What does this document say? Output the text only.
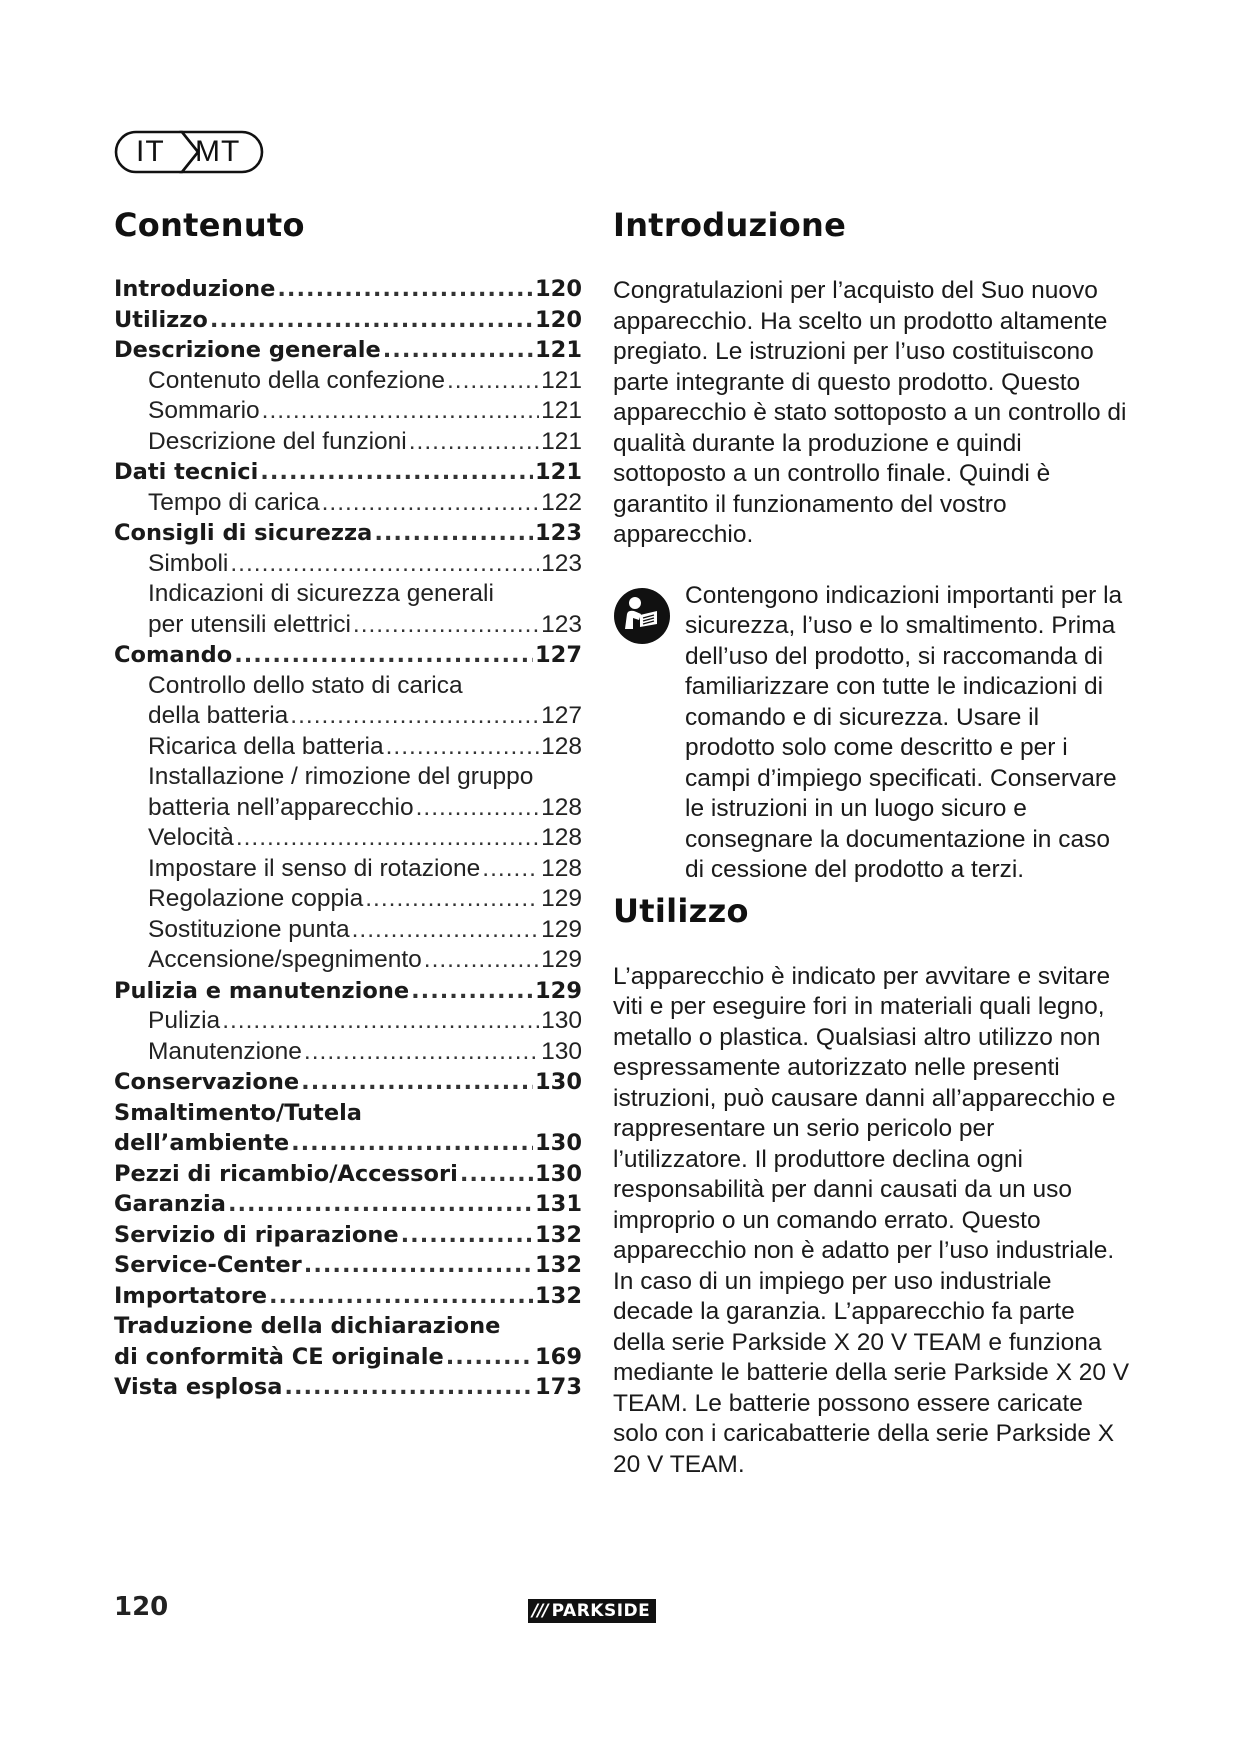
IT MT
Contenuto
Introduzione .....	120
Utilizzo .....	120
Descrizione generale .....	121
Contenuto della confezione .....	121
Sommario .....	121
Descrizione del funzioni .....	121
Dati tecnici .....	121
Tempo di carica .....	122
Consigli di sicurezza .....	123
Simboli .....	123
Indicazioni di sicurezza generali
per utensili elettrici .....	123
Comando .....	127
Controllo dello stato di carica
della batteria .....	127
Ricarica della batteria .....	128
Installazione / rimozione del gruppo
batteria nell’apparecchio .....	128
Velocità .....	128
Impostare il senso di rotazione ..... 128
Regolazione coppia .....	129
Sostituzione punta .....	129
Accensione/spegnimento .....	129
Pulizia e manutenzione .....	129
Pulizia .....	130
Manutenzione .....	130
Conservazione .....	130
Smaltimento/Tutela
dell’ambiente .....	130
Pezzi di ricambio/Accessori .....	130
Garanzia .....	131
Servizio di riparazione .....	132
Service-Center .....	132
Importatore .....	132
Traduzione della dichiarazione
di conformità CE originale .....	169
Vista esplosa .....	173
Introduzione

Congratulazioni per l’acquisto del Suo nuovo apparecchio. Ha scelto un prodotto altamente pregiato. Le istruzioni per l’uso costituiscono parte integrante di questo prodotto. Questo apparecchio è stato sottoposto a un controllo di qualità durante la produzione e quindi sottoposto a un controllo finale. Quindi è garantito il funzionamento del vostro apparecchio.

Contengono indicazioni importanti per la sicurezza, l’uso e lo smaltimento. Prima dell’uso del prodotto, si raccomanda di familiarizzare con tutte le indicazioni di comando e di sicurezza. Usare il prodotto solo come descritto e per i campi d’impiego specificati. Conservare le istruzioni in un luogo sicuro e consegnare la documentazione in caso di cessione del prodotto a terzi.

Utilizzo

L’apparecchio è indicato per avvitare e svitare viti e per eseguire fori in materiali quali legno, metallo o plastica. Qualsiasi altro utilizzo non espressamente autorizzato nelle presenti istruzioni, può causare danni all’apparecchio e rappresentare un serio pericolo per l’utilizzatore. Il produttore declina ogni responsabilità per danni causati da un uso improprio o un comando errato. Questo apparecchio non è adatto per l’uso industriale. In caso di un impiego per uso industriale decade la garanzia. L’apparecchio fa parte della serie Parkside X 20 V TEAM e funziona mediante le batterie della serie Parkside X 20 V TEAM. Le batterie possono essere caricate solo con i caricabatterie della serie Parkside X 20 V TEAM.

120	/// PARKSIDE
